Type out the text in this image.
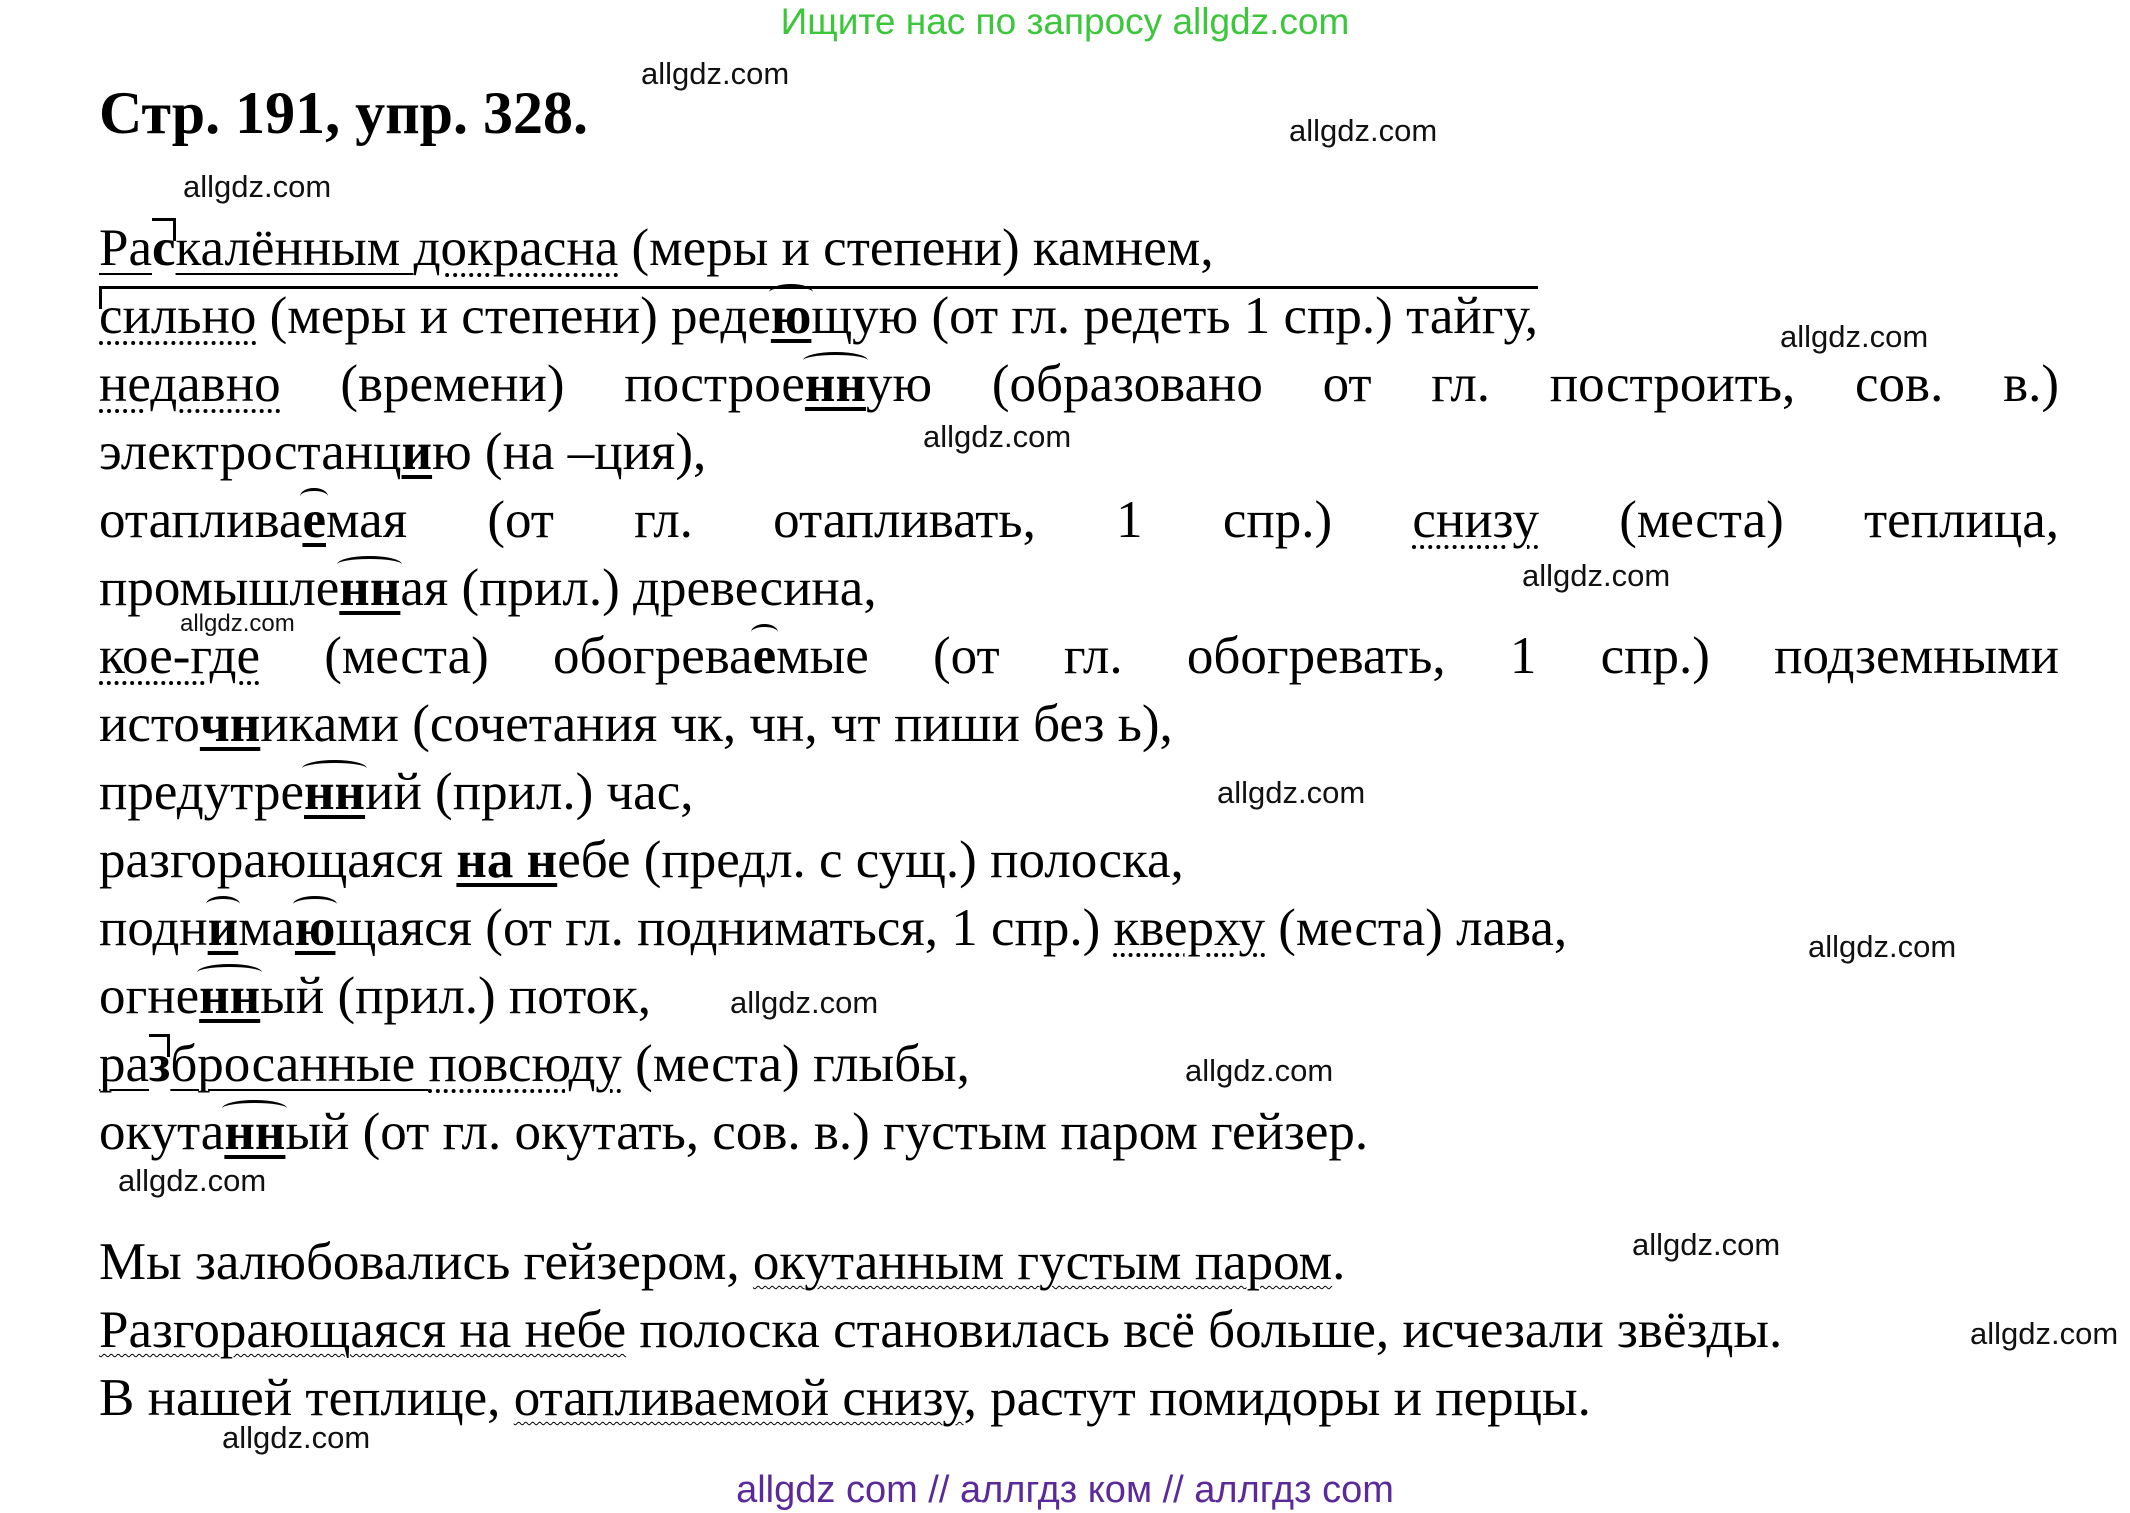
Ищите нас по запросу allgdz.com
Стр. 191, упр. 328.
allgdz.com
allgdz.com
allgdz.com
allgdz.com
allgdz.com
allgdz.com
allgdz.com
allgdz.com
allgdz.com
allgdz.com
allgdz.com
allgdz.com
allgdz.com
allgdz.com
allgdz.com
Раскалённым докрасна (меры и степени) камнем,
сильно (меры и степени) редеющую (от гл. редеть 1 спр.) тайгу,
недавно (времени) построенную (образовано от гл. построить, сов. в.)
электростанцию (на –ция),
отапливаемая (от гл. отапливать, 1 спр.) снизу (места) теплица,
промышленная (прил.) древесина,
кое-где (места) обогреваемые (от гл. обогревать, 1 спр.) подземными
источниками (сочетания чк, чн, чт пиши без ь),
предутренний (прил.) час,
разгорающаяся на небе (предл. с сущ.) полоска,
поднимающаяся (от гл. подниматься, 1 спр.) кверху (места) лава,
огненный (прил.) поток,
разбросанные повсюду (места) глыбы,
окутанный (от гл. окутать, сов. в.) густым паром гейзер.
Мы залюбовались гейзером, окутанным густым паром.
Разгорающаяся на небе полоска становилась всё больше, исчезали звёзды.
В нашей теплице, отапливаемой снизу, растут помидоры и перцы.
allgdz com // аллгдз ком // аллгдз com
